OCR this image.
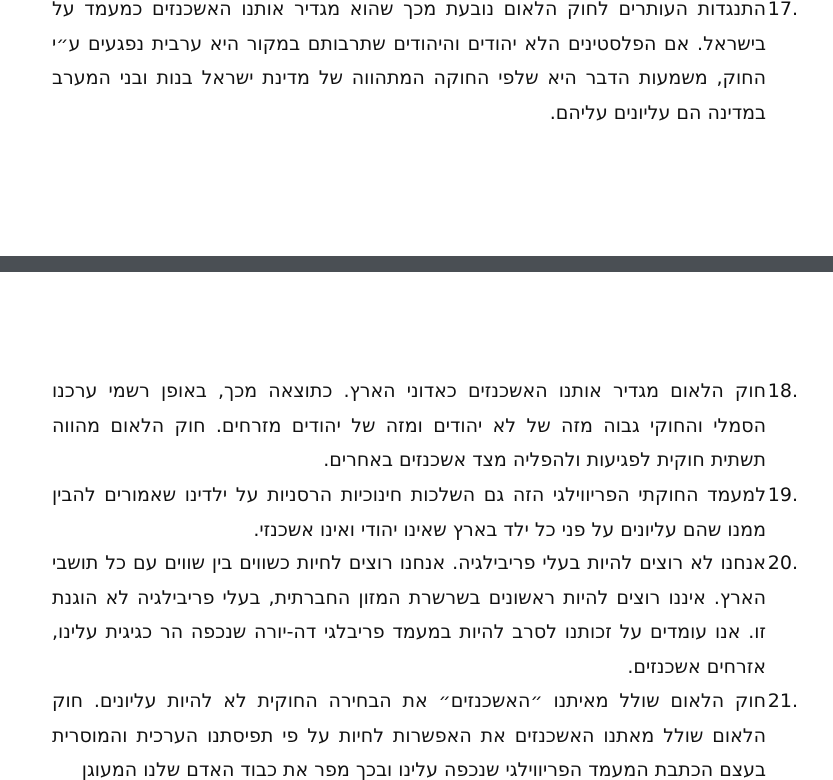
17.
התנגדות העותרים לחוק הלאום נובעת מכך שהוא מגדיר אותנו האשכנזים כמעמד על בישראל. אם הפלסטינים הלא יהודים והיהודים שתרבותם במקור היא ערבית נפגעים ע״י החוק, משמעות הדבר היא שלפי החוקה המתהווה של מדינת ישראל בנות ובני המערב במדינה הם עליונים עליהם.
18.
חוק הלאום מגדיר אותנו האשכנזים כאדוני הארץ. כתוצאה מכך, באופן רשמי ערכנו הסמלי והחוקי גבוה מזה של לא יהודים ומזה של יהודים מזרחים. חוק הלאום מהווה תשתית חוקית לפגיעות ולהפליה מצד אשכנזים באחרים.
19.
למעמד החוקתי הפריווילגי הזה גם השלכות חינוכיות הרסניות על ילדינו שאמורים להבין ממנו שהם עליונים על פני כל ילד בארץ שאינו יהודי ואינו אשכנזי.
20.
אנחנו לא רוצים להיות בעלי פריבילגיה. אנחנו רוצים לחיות כשווים בין שווים עם כל תושבי הארץ. איננו רוצים להיות ראשונים בשרשרת המזון החברתית, בעלי פריבילגיה לא הוגנת זו. אנו עומדים על זכותנו לסרב להיות במעמד פריבלגי דה-יורה שנכפה הר כגיגית עלינו, אזרחים אשכנזים.
21.
חוק הלאום שולל מאיתנו ״האשכנזים״ את הבחירה החוקית לא להיות עליונים. חוק הלאום שולל מאתנו האשכנזים את האפשרות לחיות על פי תפיסתנו הערכית והמוסרית בעצם הכתבת המעמד הפריווילגי שנכפה עלינו ובכך מפר את כבוד האדם שלנו המעוגן
